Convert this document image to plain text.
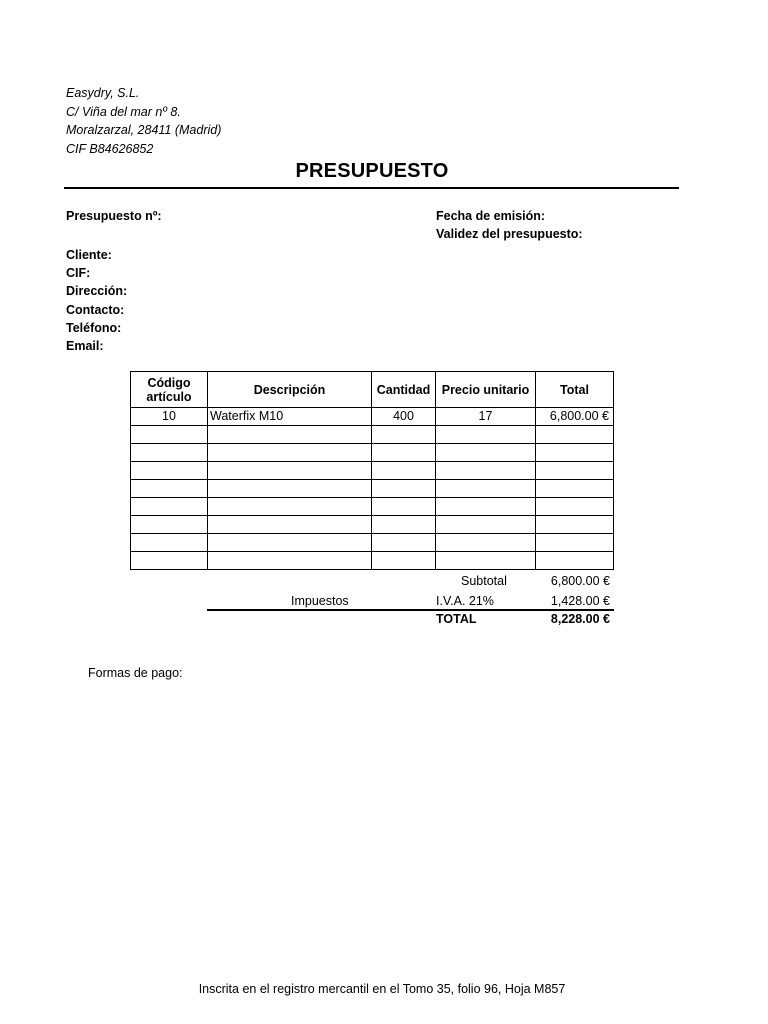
Easydry, S.L.
C/ Viña del mar nº 8.
Moralzarzal, 28411 (Madrid)
CIF B84626852
PRESUPUESTO
Presupuesto nº:	Fecha de emisión:
Validez del presupuesto:
Cliente:
CIF:
Dirección:
Contacto:
Teléfono:
Email:
Código
artículo	Descripción	Cantidad	Precio unitario	Total
10	Waterfix M10	400	17	6,800.00 €

Subtotal	6,800.00 €
Impuestos	I.V.A. 21%	1,428.00 €
TOTAL	8,228.00 €
Formas de pago:
Inscrita en el registro mercantil en el Tomo 35, folio 96, Hoja M857
